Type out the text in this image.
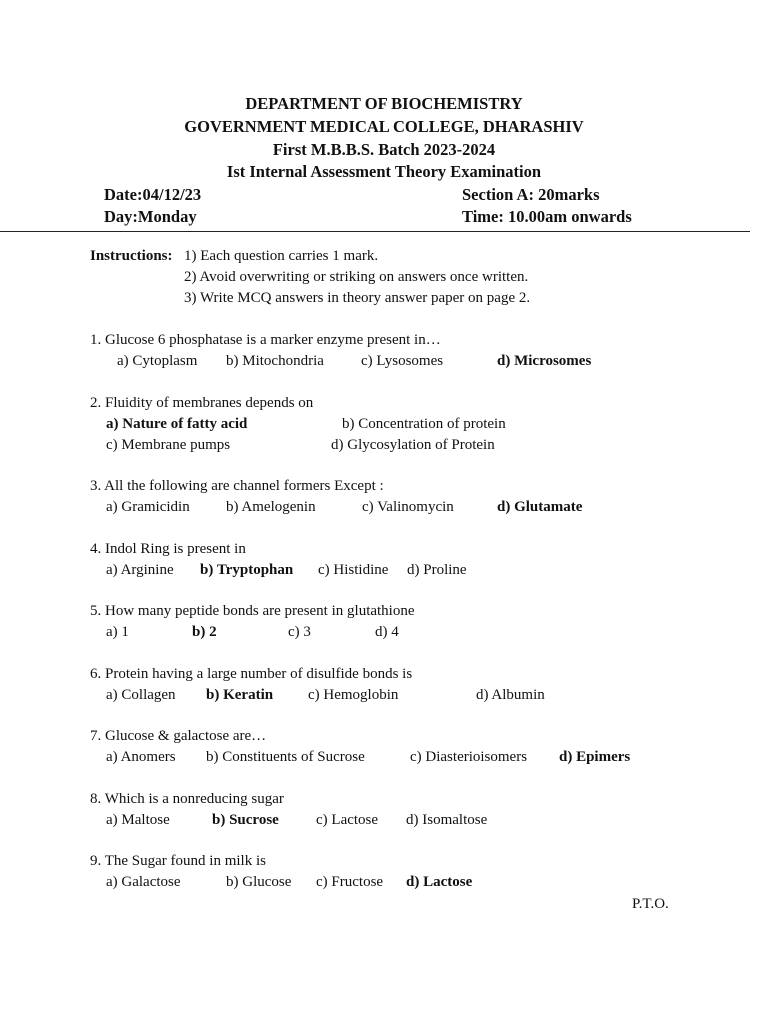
DEPARTMENT OF BIOCHEMISTRY
GOVERNMENT MEDICAL COLLEGE, DHARASHIV
First M.B.B.S. Batch 2023-2024
Ist Internal Assessment Theory Examination
Date:04/12/23	Section A: 20marks
Day:Monday	Time: 10.00am onwards
Instructions: 1) Each question carries 1 mark.
2) Avoid overwriting or striking on answers once written.
3) Write MCQ answers in theory answer paper on page 2.
1. Glucose 6 phosphatase is a marker enzyme present in…
a) Cytoplasm b) Mitochondria c) Lysosomes	d) Microsomes
2. Fluidity of membranes depends on
a) Nature of fatty acid	b) Concentration of protein
c) Membrane pumps	d) Glycosylation of Protein
3. All the following are channel formers Except :
a) Gramicidin b) Amelogenin	c) Valinomycin	d) Glutamate
4. Indol Ring is present in
a) Arginine b) Tryptophan c) Histidine d) Proline
5. How many peptide bonds are present in glutathione
a) 1	b) 2	c) 3	d) 4
6. Protein having a large number of disulfide bonds is
a) Collagen b) Keratin c) Hemoglobin	d) Albumin
7. Glucose & galactose are…
a) Anomers b) Constituents of Sucrose	c) Diasterioisomers d) Epimers
8. Which is a nonreducing sugar
a) Maltose	b) Sucrose c) Lactose d) Isomaltose
9. The Sugar found in milk is
a) Galactose	b) Glucose c) Fructose d) Lactose
P.T.O.
